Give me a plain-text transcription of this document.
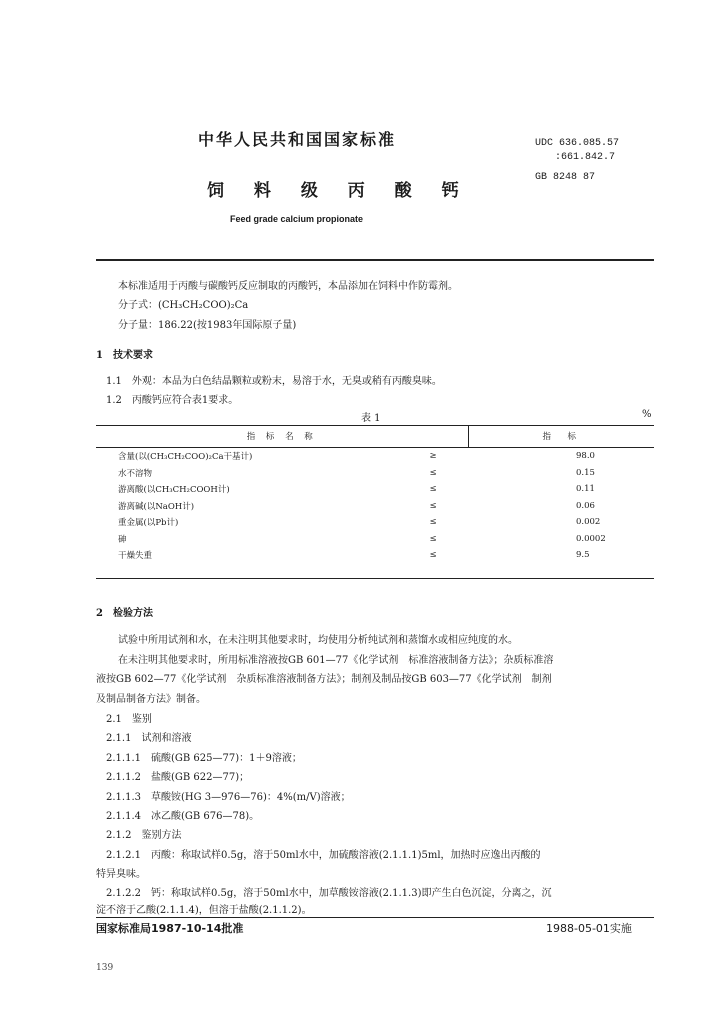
中华人民共和国国家标准	UDC 636.085.57
:661.842.7
GB 8248 87
饲 料 级 丙 酸 钙
Feed grade calcium propionate
本标准适用于丙酸与碳酸钙反应制取的丙酸钙，本品添加在饲料中作防霉剂。
分子式：(CH₃CH₂COO)₂Ca
分子量：186.22(按1983年国际原子量)
1　技术要求
1.1　外观：本品为白色结晶颗粒或粉末，易溶于水，无臭或稍有丙酸臭味。
1.2　丙酸钙应符合表1要求。
表 1	%
指 标 名 称		指　标
含量(以(CH₃CH₂COO)₂Ca干基计)	≥	98.0
水不溶物	≤	0.15
游离酸(以CH₃CH₂COOH计)	≤	0.11
游离碱(以NaOH计)	≤	0.06
重金属(以Pb计)	≤	0.002
砷	≤	0.0002
干燥失重	≤	9.5
2　检验方法
试验中所用试剂和水，在未注明其他要求时，均使用分析纯试剂和蒸馏水或相应纯度的水。
在未注明其他要求时，所用标准溶液按GB 601—77《化学试剂　标准溶液制备方法》；杂质标准溶
液按GB 602—77《化学试剂　杂质标准溶液制备方法》；制剂及制品按GB 603—77《化学试剂　制剂
及制品制备方法》制备。
2.1　鉴别
2.1.1　试剂和溶液
2.1.1.1　硫酸(GB 625—77)：1＋9溶液；
2.1.1.2　盐酸(GB 622—77)；
2.1.1.3　草酸铵(HG 3—976—76)：4%(m/V)溶液；
2.1.1.4　冰乙酸(GB 676—78)。
2.1.2　鉴别方法
2.1.2.1　丙酸：称取试样0.5g，溶于50ml水中，加硫酸溶液(2.1.1.1)5ml，加热时应逸出丙酸的
特异臭味。
2.1.2.2　钙：称取试样0.5g，溶于50ml水中，加草酸铵溶液(2.1.1.3)即产生白色沉淀，分离之，沉
淀不溶于乙酸(2.1.1.4)，但溶于盐酸(2.1.1.2)。
国家标准局1987-10-14批准	1988-05-01实施
139
